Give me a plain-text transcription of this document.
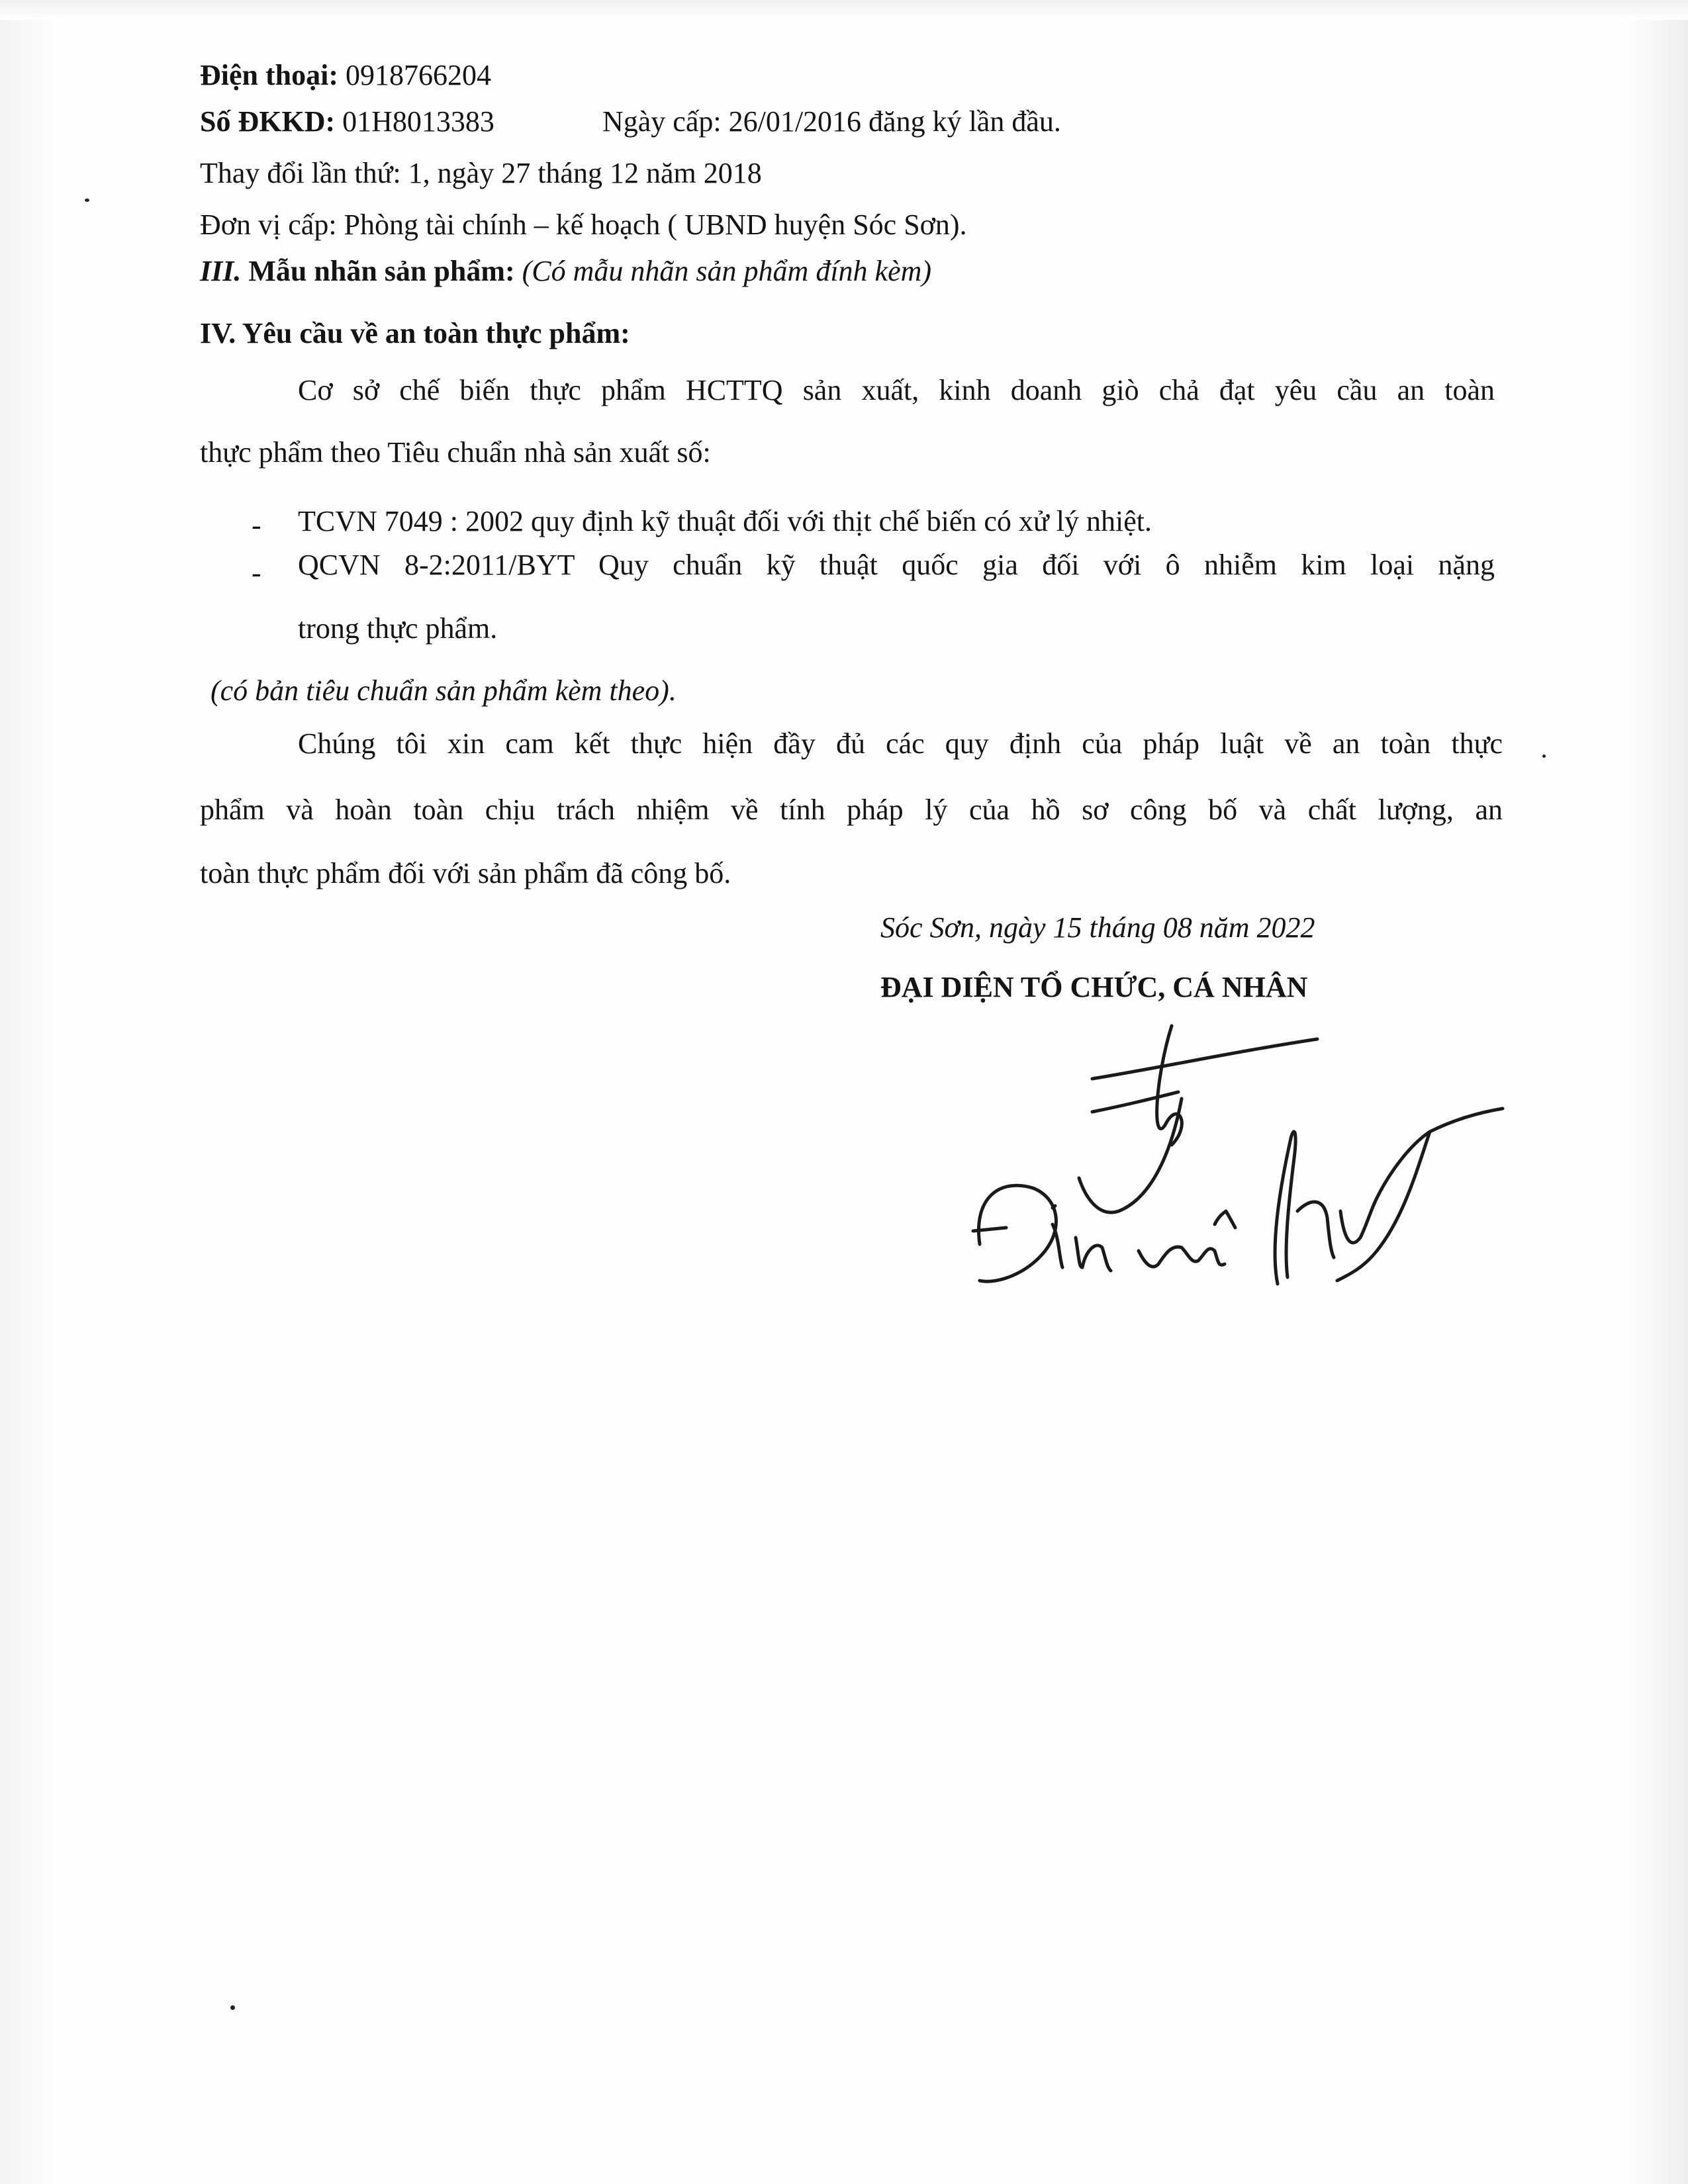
Điện thoại: 0918766204
Số ĐKKD: 01H8013383	Ngày cấp: 26/01/2016 đăng ký lần đầu.
Thay đổi lần thứ: 1, ngày 27 tháng 12 năm 2018
Đơn vị cấp: Phòng tài chính – kế hoạch ( UBND huyện Sóc Sơn).
III. Mẫu nhãn sản phẩm: (Có mẫu nhãn sản phẩm đính kèm)
IV. Yêu cầu về an toàn thực phẩm:
Cơ sở chế biến thực phẩm HCTTQ sản xuất, kinh doanh giò chả đạt yêu cầu an toàn
thực phẩm theo Tiêu chuẩn nhà sản xuất số:
- TCVN 7049 : 2002 quy định kỹ thuật đối với thịt chế biến có xử lý nhiệt.
- QCVN 8-2:2011/BYT Quy chuẩn kỹ thuật quốc gia đối với ô nhiễm kim loại nặng
trong thực phẩm.
(có bản tiêu chuẩn sản phẩm kèm theo).
Chúng tôi xin cam kết thực hiện đầy đủ các quy định của pháp luật về an toàn thực
phẩm và hoàn toàn chịu trách nhiệm về tính pháp lý của hồ sơ công bố và chất lượng, an
toàn thực phẩm đối với sản phẩm đã công bố.
Sóc Sơn, ngày 15 tháng 08 năm 2022
ĐẠI DIỆN TỔ CHỨC, CÁ NHÂN
